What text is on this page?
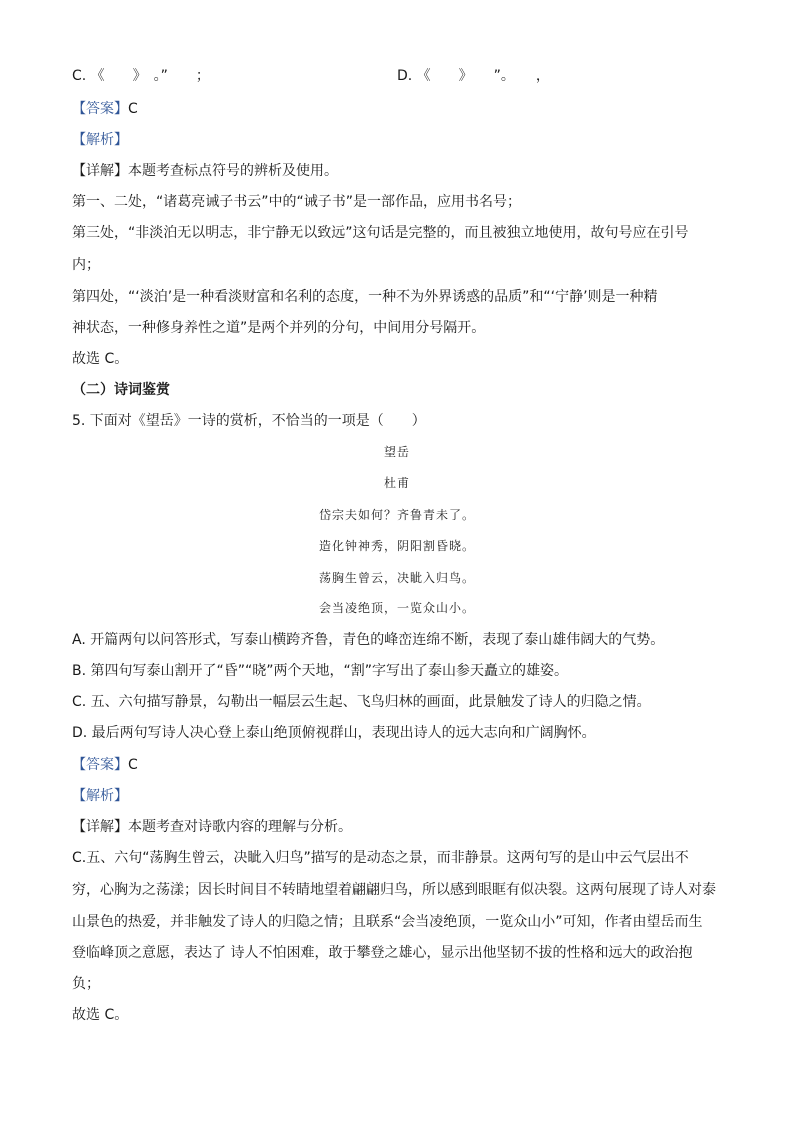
C. 《　　》　。”　　；	D. 《　　》　　”。　　，
【答案】C
【解析】
【详解】本题考查标点符号的辨析及使用。
第一、二处，“诸葛亮诫子书云”中的“诫子书”是一部作品，应用书名号；
第三处，“非淡泊无以明志，非宁静无以致远”这句话是完整的，而且被独立地使用，故句号应在引号
内；
第四处，“‘淡泊’是一种看淡财富和名利的态度，一种不为外界诱惑的品质”和“‘宁静’则是一种精
神状态，一种修身养性之道”是两个并列的分句，中间用分号隔开。
故选 C。
（二）诗词鉴赏
5. 下面对《望岳》一诗的赏析，不恰当的一项是（　　）
望岳
杜甫
岱宗夫如何？齐鲁青未了。
造化钟神秀，阴阳割昏晓。
荡胸生曾云，决眦入归鸟。
会当凌绝顶，一览众山小。
A. 开篇两句以问答形式，写泰山横跨齐鲁，青色的峰峦连绵不断，表现了泰山雄伟阔大的气势。
B. 第四句写泰山割开了“昏”“晓”两个天地，“割”字写出了泰山参天矗立的雄姿。
C. 五、六句描写静景，勾勒出一幅层云生起、飞鸟归林的画面，此景触发了诗人的归隐之情。
D. 最后两句写诗人决心登上泰山绝顶俯视群山，表现出诗人的远大志向和广阔胸怀。
【答案】C
【解析】
【详解】本题考查对诗歌内容的理解与分析。
C.五、六句“荡胸生曾云，决眦入归鸟”描写的是动态之景，而非静景。这两句写的是山中云气层出不
穷，心胸为之荡漾；因长时间目不转睛地望着翩翩归鸟，所以感到眼眶有似决裂。这两句展现了诗人对泰
山景色的热爱，并非触发了诗人的归隐之情；且联系“会当凌绝顶，一览众山小”可知，作者由望岳而生
登临峰顶之意愿，表达了 诗人不怕困难，敢于攀登之雄心，显示出他坚韧不拔的性格和远大的政治抱
负；
故选 C。
